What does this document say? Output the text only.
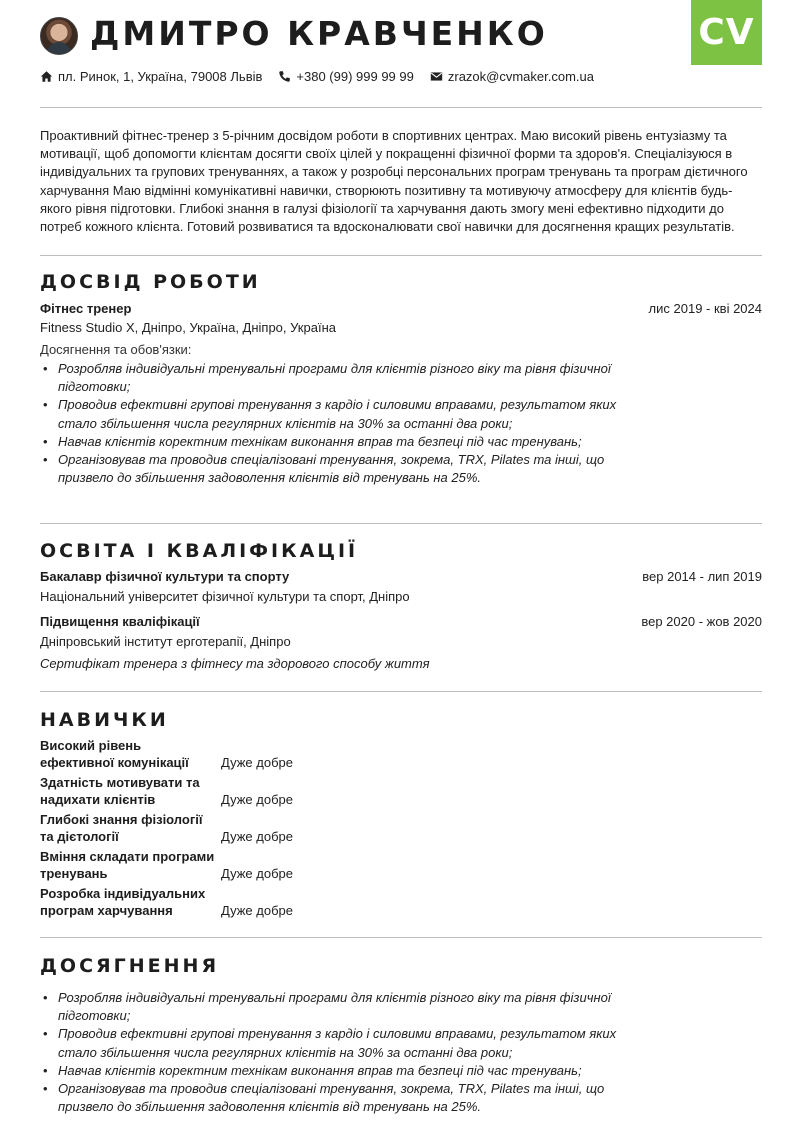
ДМИТРО КРАВЧЕНКО	CV
пл. Ринок, 1, Україна, 79008 Львів	+380 (99) 999 99 99	zrazok@cvmaker.com.ua
Проактивний фітнес-тренер з 5-річним досвідом роботи в спортивних центрах. Маю високий рівень ентузіазму та мотивації, щоб допомогти клієнтам досягти своїх цілей у покращенні фізичної форми та здоров'я. Спеціалізуюся в індивідуальних та групових тренуваннях, а також у розробці персональних програм тренувань та програм дієтичного харчування Маю відмінні комунікативні навички, створюють позитивну та мотивуючу атмосферу для клієнтів будь-якого рівня підготовки. Глибокі знання в галузі фізіології та харчування дають змогу мені ефективно підходити до потреб кожного клієнта. Готовий розвиватися та вдосконалювати свої навички для досягнення кращих результатів.
ДОСВІД РОБОТИ
Фітнес тренер	лис 2019 - кві 2024
Fitness Studio X, Дніпро, Україна, Дніпро, Україна
Досягнення та обов'язки:
• Розробляв індивідуальні тренувальні програми для клієнтів різного віку та рівня фізичної підготовки;
• Проводив ефективні групові тренування з кардіо і силовими вправами, результатом яких стало збільшення числа регулярних клієнтів на 30% за останні два роки;
• Навчав клієнтів коректним технікам виконання вправ та безпеці під час тренувань;
• Організовував та проводив спеціалізовані тренування, зокрема, TRX, Pilates та інші, що призвело до збільшення задоволення клієнтів від тренувань на 25%.
ОСВІТА І КВАЛІФІКАЦІЇ
Бакалавр фізичної культури та спорту	вер 2014 - лип 2019
Національний університет фізичної культури та спорт, Дніпро
Підвищення кваліфікації	вер 2020 - жов 2020
Дніпровський інститут ерготерапії, Дніпро
Сертифікат тренера з фітнесу та здорового способу життя
НАВИЧКИ
Високий рівень ефективної комунікації	Дуже добре
Здатність мотивувати та надихати клієнтів	Дуже добре
Глибокі знання фізіології та дієтології	Дуже добре
Вміння складати програми тренувань	Дуже добре
Розробка індивідуальних програм харчування	Дуже добре
ДОСЯГНЕННЯ
• Розробляв індивідуальні тренувальні програми для клієнтів різного віку та рівня фізичної підготовки;
• Проводив ефективні групові тренування з кардіо і силовими вправами, результатом яких стало збільшення числа регулярних клієнтів на 30% за останні два роки;
• Навчав клієнтів коректним технікам виконання вправ та безпеці під час тренувань;
• Організовував та проводив спеціалізовані тренування, зокрема, TRX, Pilates та інші, що призвело до збільшення задоволення клієнтів від тренувань на 25%.
